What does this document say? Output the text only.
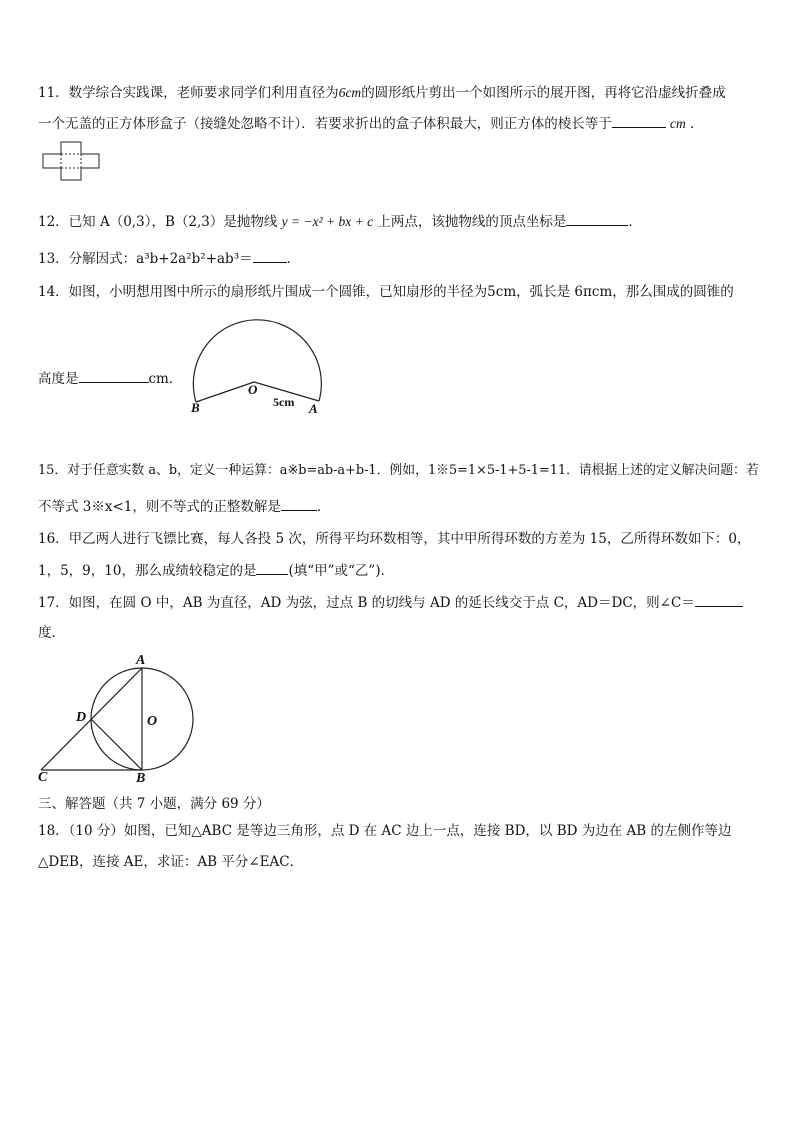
11．数学综合实践课，老师要求同学们利用直径为6cm的圆形纸片剪出一个如图所示的展开图，再将它沿虚线折叠成
一个无盖的正方体形盒子（接缝处忽略不计）．若要求折出的盒子体积最大，则正方体的棱长等于	cm ．
12．已知 A（0,3），B（2,3）是抛物线 y = −x² + bx + c 上两点，该抛物线的顶点坐标是	．
13．分解因式：a³b+2a²b²+ab³＝	．
14．如图，小明想用图中所示的扇形纸片围成一个圆锥，已知扇形的半径为5cm，弧长是 6πcm，那么围成的圆锥的
高度是	cm．
O
B	A
5cm
15．对于任意实数 a、b，定义一种运算：a※b=ab-a+b-1．例如，1※5=1×5-1+5-1=11．请根据上述的定义解决问题：若
不等式 3※x<1，则不等式的正整数解是	．
16．甲乙两人进行飞镖比赛，每人各投 5 次，所得平均环数相等，其中甲所得环数的方差为 15，乙所得环数如下：0，
1，5，9，10，那么成绩较稳定的是 (填“甲”或“乙”)．
17．如图，在圆 O 中，AB 为直径，AD 为弦，过点 B 的切线与 AD 的延长线交于点 C，AD＝DC，则∠C＝
度.
A
D	O
C	B
三、解答题（共 7 小题，满分 69 分）
18．（10 分）如图，已知△ABC 是等边三角形，点 D 在 AC 边上一点，连接 BD，以 BD 为边在 AB 的左侧作等边
△DEB，连接 AE，求证：AB 平分∠EAC．
